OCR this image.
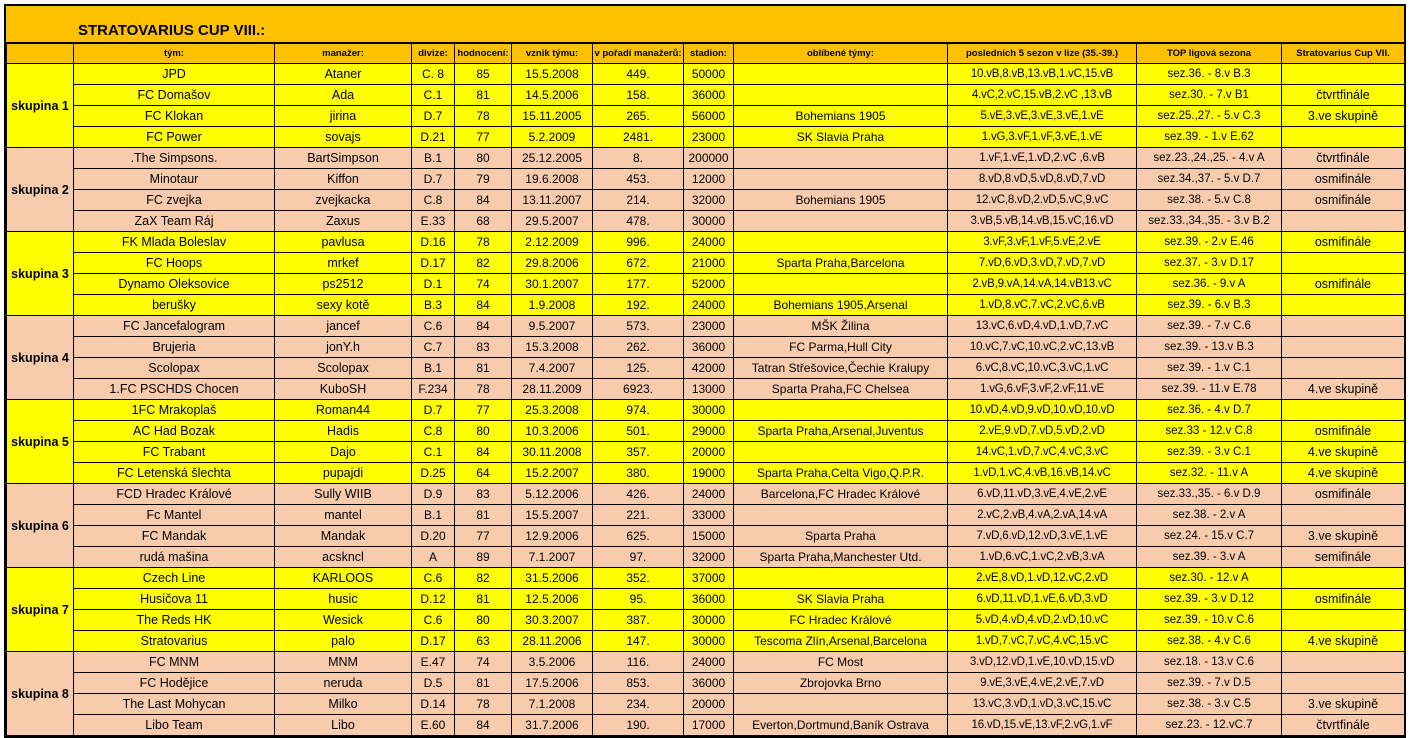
STRATOVARIUS CUP VIII.:
	tým:	manažer:	divize:	hodnocení:	vznik týmu:	v pořadí manažerů:	stadion:	oblíbené týmy:	posledních 5 sezon v lize (35.-39.)	TOP ligová sezona	Stratovarius Cup VII.
skupina 1	JPD	Ataner	C. 8	85	15.5.2008	449.	50000		10.vB,8.vB,13.vB,1.vC,15.vB	sez.36. - 8.v B.3	
	FC Domašov	Ada	C.1	81	14.5.2006	158.	36000		4.vC,2.vC,15.vB,2.vC ,13.vB	sez.30. - 7.v B1	čtvrtfinále
	FC Klokan	jirina	D.7	78	15.11.2005	265.	56000	Bohemians 1905	5.vE,3.vE,3.vE,3.vE,1.vE	sez.25.,27. - 5.v C.3	3.ve skupině
	FC Power	sovajs	D.21	77	5.2.2009	2481.	23000	SK Slavia Praha	1.vG,3.vF,1.vF,3.vE,1.vE	sez.39. - 1.v E.62	
skupina 2	.The Simpsons.	BartSimpson	B.1	80	25.12.2005	8.	200000		1.vF,1.vE,1.vD,2.vC ,6.vB	sez.23.,24.,25. - 4.v A	čtvrtfinále
	Minotaur	Kiffon	D.7	79	19.6.2008	453.	12000		8.vD,8.vD,5.vD,8.vD,7.vD	sez.34.,37. - 5.v D.7	osmifinále
	FC zvejka	zvejkacka	C.8	84	13.11.2007	214.	32000	Bohemians 1905	12.vC,8.vD,2.vD,5.vC,9.vC	sez.38. - 5.v C.8	osmifinále
	ZaX Team Ráj	Zaxus	E.33	68	29.5.2007	478.	30000		3.vB,5.vB,14.vB,15.vC,16.vD	sez.33.,34.,35. - 3.v B.2	
skupina 3	FK Mlada Boleslav	pavlusa	D.16	78	2.12.2009	996.	24000		3.vF,3.vF,1.vF,5.vE,2.vE	sez.39. - 2.v E.46	osmifinále
	FC Hoops	mrkef	D.17	82	29.8.2006	672.	21000	Sparta Praha,Barcelona	7.vD,6.vD,3.vD,7.vD,7.vD	sez.37. - 3.v D.17	
	Dynamo Oleksovice	ps2512	D.1	74	30.1.2007	177.	52000		2.vB,9.vA,14.vA,14.vB13.vC	sez.36. - 9.v A	osmifinále
	berušky	sexy kotě	B.3	84	1.9.2008	192.	24000	Bohemians 1905,Arsenal	1.vD,8.vC,7.vC,2.vC,6.vB	sez.39. - 6.v B.3	
skupina 4	FC Jancefalogram	jancef	C.6	84	9.5.2007	573.	23000	MŠK Žilina	13.vC,6.vD,4.vD,1.vD,7.vC	sez.39. - 7.v C.6	
	Brujeria	jonY.h	C.7	83	15.3.2008	262.	36000	FC Parma,Hull City	10.vC,7.vC,10.vC,2.vC,13.vB	sez.39. - 13.v B.3	
	Scolopax	Scolopax	B.1	81	7.4.2007	125.	42000	Tatran Střešovice,Čechie Kralupy	6.vC,8.vC,10.vC,3.vC,1.vC	sez.39. - 1.v C.1	
	1.FC PSCHDS Chocen	KuboSH	F.234	78	28.11.2009	6923.	13000	Sparta Praha,FC Chelsea	1.vG,6.vF,3.vF,2.vF,11.vE	sez.39. - 11.v E.78	4.ve skupině
skupina 5	1FC Mrakoplaš	Roman44	D.7	77	25.3.2008	974.	30000		10.vD,4.vD,9.vD,10.vD,10.vD	sez.36. - 4.v D.7	
	AC Had Bozak	Hadis	C.8	80	10.3.2006	501.	29000	Sparta Praha,Arsenal,Juventus	2.vE,9.vD,7.vD,5.vD,2.vD	sez.33 - 12.v C.8	osmifinále
	FC Trabant	Dajo	C.1	84	30.11.2008	357.	20000		14.vC,1.vD,7.vC,4.vC,3.vC	sez.39. - 3.v C.1	4.ve skupině
	FC Letenská šlechta	pupajdi	D.25	64	15.2.2007	380.	19000	Sparta Praha,Celta Vigo,Q.P.R.	1.vD,1.vC,4.vB,16.vB,14.vC	sez.32. - 11.v A	4.ve skupině
skupina 6	FCD Hradec Králové	Sully WIIB	D.9	83	5.12.2006	426.	24000	Barcelona,FC Hradec Králové	6.vD,11.vD,3.vE,4.vE,2.vE	sez.33.,35. - 6.v D.9	osmifinále
	Fc Mantel	mantel	B.1	81	15.5.2007	221.	33000		2.vC,2.vB,4.vA,2.vA,14.vA	sez.38. - 2.v A	
	FC Mandak	Mandak	D.20	77	12.9.2006	625.	15000	Sparta Praha	7.vD,6.vD,12.vD,3.vE,1.vE	sez.24. - 15.v C.7	3.ve skupině
	rudá mašina	acskncl	A	89	7.1.2007	97.	32000	Sparta Praha,Manchester Utd.	1.vD,6.vC,1.vC,2.vB,3.vA	sez.39. - 3.v A	semifinále
skupina 7	Czech Line	KARLOOS	C.6	82	31.5.2006	352.	37000		2.vE,8.vD,1.vD,12.vC,2.vD	sez.30. - 12.v A	
	Husičova 11	husic	D.12	81	12.5.2006	95.	36000	SK Slavia Praha	6.vD,11.vD,1.vE,6.vD,3.vD	sez.39. - 3.v D.12	osmifinále
	The Reds HK	Wesick	C.6	80	30.3.2007	387.	30000	FC Hradec Králové	5.vD,4.vD,4.vD,2.vD,10.vC	sez.39. - 10.v C.6	
	Stratovarius	palo	D.17	63	28.11.2006	147.	30000	Tescoma Zlín,Arsenal,Barcelona	1.vD,7.vC,7.vC,4.vC,15.vC	sez.38. - 4.v C.6	4.ve skupině
skupina 8	FC MNM	MNM	E.47	74	3.5.2006	116.	24000	FC Most	3.vD,12.vD,1.vE,10.vD,15.vD	sez.18. - 13.v C.6	
	FC Hodějice	neruda	D.5	81	17.5.2006	853.	36000	Zbrojovka Brno	9.vE,3.vE,4.vE,2.vE,7.vD	sez.39. - 7.v D.5	
	The Last Mohycan	Milko	D.14	78	7.1.2008	234.	20000		13.vC,3.vD,1.vD,3.vC,15.vC	sez.38. - 3.v C.5	3.ve skupině
	Libo Team	Libo	E.60	84	31.7.2006	190.	17000	Everton,Dortmund,Baník Ostrava	16.vD,15.vE,13.vF,2.vG,1.vF	sez.23. - 12.vC.7	čtvrtfinále
